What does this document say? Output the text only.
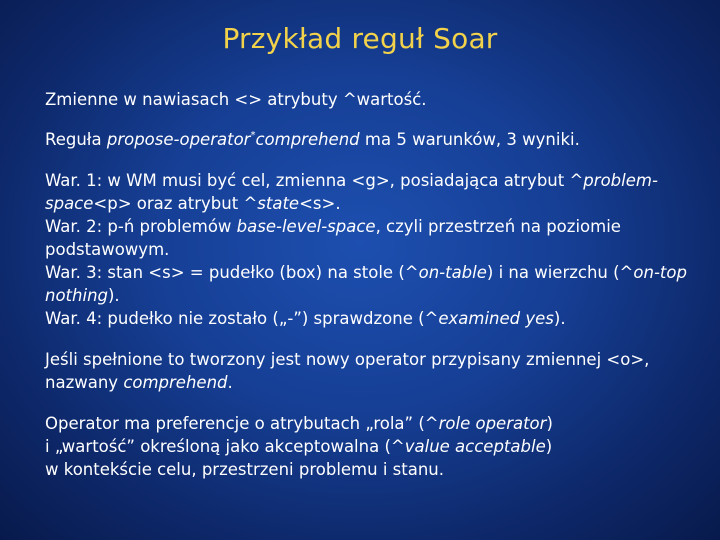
Przykład reguł Soar

Zmienne w nawiasach <> atrybuty ^wartość.

Reguła propose-operator*comprehend ma 5 warunków, 3 wyniki.

War. 1: w WM musi być cel, zmienna <g>, posiadająca atrybut ^problem-space<p> oraz atrybut ^state<s>.

War. 2: p-ń problemów base-level-space, czyli przestrzeń na poziomie podstawowym.

War. 3: stan <s> = pudełko (box) na stole (^on-table) i na wierzchu (^on-top nothing).

War. 4: pudełko nie zostało („-”) sprawdzone (^examined yes).

Jeśli spełnione to tworzony jest nowy operator przypisany zmiennej <o>, nazwany comprehend.

Operator ma preferencje o atrybutach „rola” (^role operator)
i „wartość” określoną jako akceptowalna (^value acceptable)
w kontekście celu, przestrzeni problemu i stanu.
